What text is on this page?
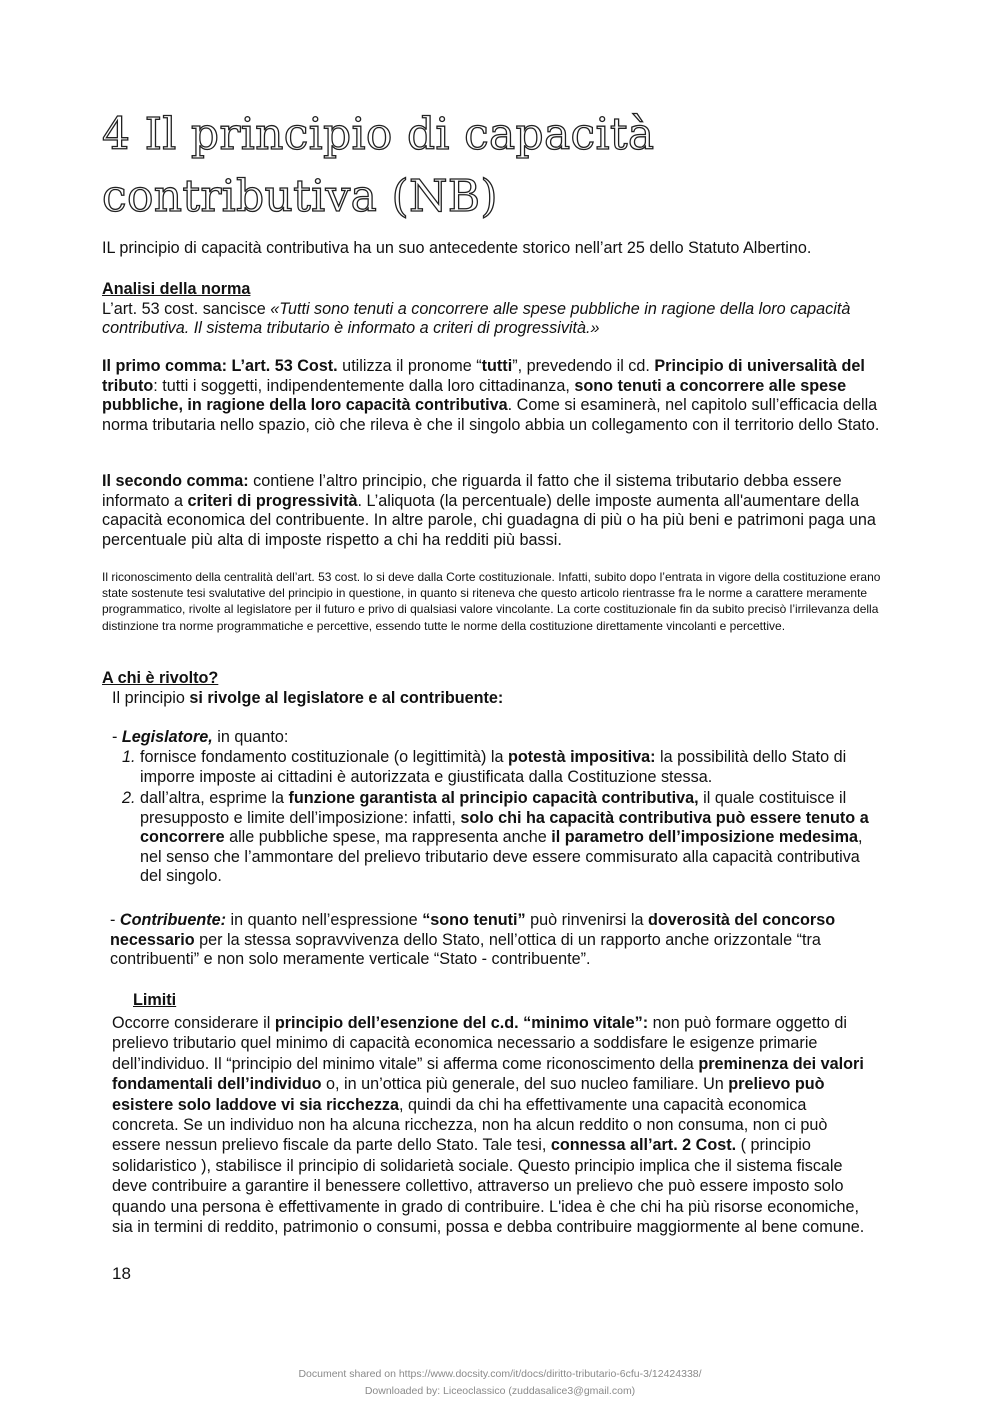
4 Il principio di capacità contributiva (NB)

IL principio di capacità contributiva ha un suo antecedente storico nell’art 25 dello Statuto Albertino.

Analisi della norma
L’art. 53 cost. sancisce «Tutti sono tenuti a concorrere alle spese pubbliche in ragione della loro capacità contributiva. Il sistema tributario è informato a criteri di progressività.»

Il primo comma: L’art. 53 Cost. utilizza il pronome “tutti”, prevedendo il cd. Principio di universalità del tributo: tutti i soggetti, indipendentemente dalla loro cittadinanza, sono tenuti a concorrere alle spese pubbliche, in ragione della loro capacità contributiva. Come si esaminerà, nel capitolo sull’efficacia della norma tributaria nello spazio, ciò che rileva è che il singolo abbia un collegamento con il territorio dello Stato.

Il secondo comma: contiene l’altro principio, che riguarda il fatto che il sistema tributario debba essere informato a criteri di progressività. L’aliquota (la percentuale) delle imposte aumenta all'aumentare della capacità economica del contribuente. In altre parole, chi guadagna di più o ha più beni e patrimoni paga una percentuale più alta di imposte rispetto a chi ha redditi più bassi.

Il riconoscimento della centralità dell’art. 53 cost. lo si deve dalla Corte costituzionale. Infatti, subito dopo l’entrata in vigore della costituzione erano state sostenute tesi svalutative del principio in questione, in quanto si riteneva che questo articolo rientrasse fra le norme a carattere meramente programmatico, rivolte al legislatore per il futuro e privo di qualsiasi valore vincolante. La corte costituzionale fin da subito precisò l’irrilevanza della distinzione tra norme programmatiche e percettive, essendo tutte le norme della costituzione direttamente vincolanti e percettive.

A chi è rivolto?

Il principio si rivolge al legislatore e al contribuente:

- Legislatore, in quanto:

1. fornisce fondamento costituzionale (o legittimità) la potestà impositiva: la possibilità dello Stato di imporre imposte ai cittadini è autorizzata e giustificata dalla Costituzione stessa.
2. dall’altra, esprime la funzione garantista al principio capacità contributiva, il quale costituisce il presupposto e limite dell’imposizione: infatti, solo chi ha capacità contributiva può essere tenuto a concorrere alle pubbliche spese, ma rappresenta anche il parametro dell’imposizione medesima, nel senso che l’ammontare del prelievo tributario deve essere commisurato alla capacità contributiva del singolo.
- Contribuente: in quanto nell’espressione “sono tenuti” può rinvenirsi la doverosità del concorso necessario per la stessa sopravvivenza dello Stato, nell’ottica di un rapporto anche orizzontale “tra contribuenti” e non solo meramente verticale “Stato - contribuente”.
Limiti

Occorre considerare il principio dell’esenzione del c.d. “minimo vitale”: non può formare oggetto di prelievo tributario quel minimo di capacità economica necessario a soddisfare le esigenze primarie dell’individuo. Il “principio del minimo vitale” si afferma come riconoscimento della preminenza dei valori fondamentali dell’individuo o, in un’ottica più generale, del suo nucleo familiare. Un prelievo può esistere solo laddove vi sia ricchezza, quindi da chi ha effettivamente una capacità economica concreta. Se un individuo non ha alcuna ricchezza, non ha alcun reddito o non consuma, non ci può essere nessun prelievo fiscale da parte dello Stato. Tale tesi, connessa all’art. 2 Cost. ( principio solidaristico ), stabilisce il principio di solidarietà sociale. Questo principio implica che il sistema fiscale deve contribuire a garantire il benessere collettivo, attraverso un prelievo che può essere imposto solo quando una persona è effettivamente in grado di contribuire. L'idea è che chi ha più risorse economiche, sia in termini di reddito, patrimonio o consumi, possa e debba contribuire maggiormente al bene comune.

18
Document shared on https://www.docsity.com/it/docs/diritto-tributario-6cfu-3/12424338/
Downloaded by: Liceoclassico (zuddasalice3@gmail.com)
